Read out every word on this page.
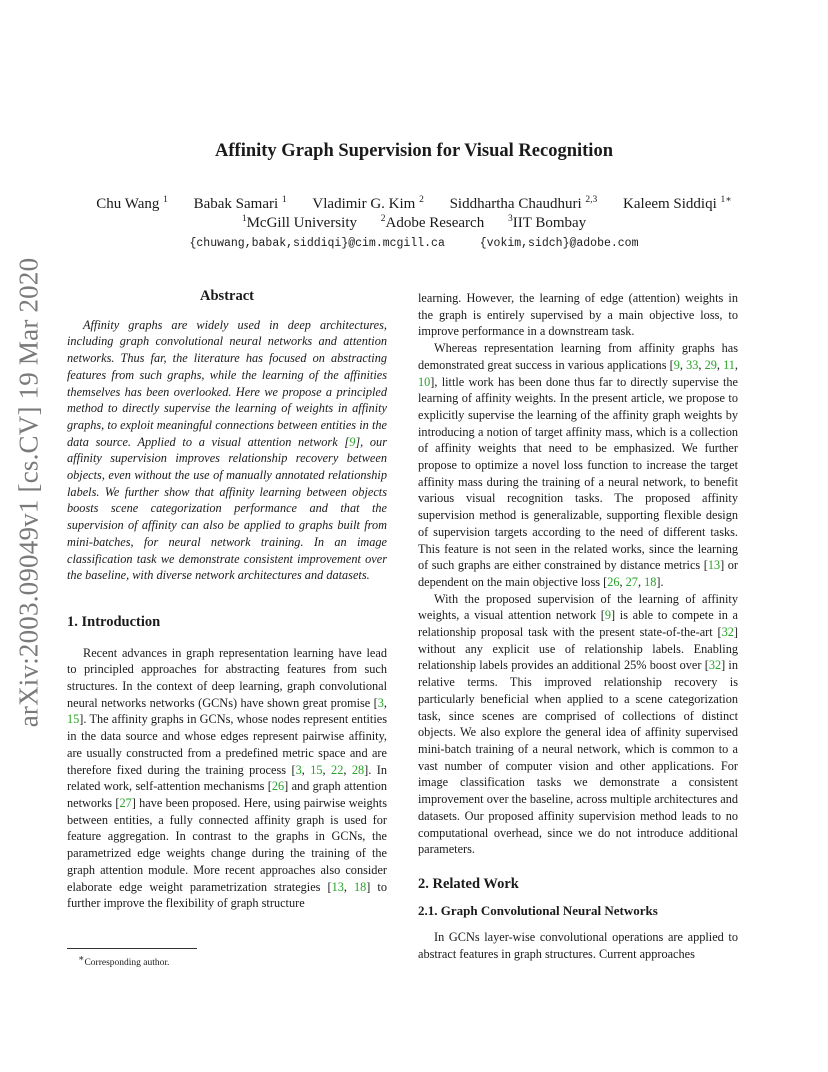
arXiv:2003.09049v1 [cs.CV] 19 Mar 2020
Affinity Graph Supervision for Visual Recognition
Chu Wang $^1$ Babak Samari $^1$ Vladimir G. Kim $^2$ Siddhartha Chaudhuri $^{2,3}$ Kaleem Siddiqi $^{1∗}$
$^1$McGill University	$^2$Adobe Research	$^3$IIT Bombay
{chuwang,babak,siddiqi}@cim.mcgill.ca	{vokim,sidch}@adobe.com
Abstract

Affinity graphs are widely used in deep architectures, including graph convolutional neural networks and attention networks. Thus far, the literature has focused on abstracting features from such graphs, while the learning of the affinities themselves has been overlooked. Here we propose a principled method to directly supervise the learning of weights in affinity graphs, to exploit meaningful connections between entities in the data source. Applied to a visual attention network [9], our affinity supervision improves relationship recovery between objects, even without the use of manually annotated relationship labels. We further show that affinity learning between objects boosts scene categorization performance and that the supervision of affinity can also be applied to graphs built from mini-batches, for neural network training. In an image classification task we demonstrate consistent improvement over the baseline, with diverse network architectures and datasets.

1. Introduction

Recent advances in graph representation learning have lead to principled approaches for abstracting features from such structures. In the context of deep learning, graph convolutional neural networks networks (GCNs) have shown great promise [3, 15]. The affinity graphs in GCNs, whose nodes represent entities in the data source and whose edges represent pairwise affinity, are usually constructed from a predefined metric space and are therefore fixed during the training process [3, 15, 22, 28]. In related work, self-attention mechanisms [26] and graph attention networks [27] have been proposed. Here, using pairwise weights between entities, a fully connected affinity graph is used for feature aggregation. In contrast to the graphs in GCNs, the parametrized edge weights change during the training of the graph attention module. More recent approaches also consider elaborate edge weight parametrization strategies [13, 18] to further improve the flexibility of graph structure

learning. However, the learning of edge (attention) weights in the graph is entirely supervised by a main objective loss, to improve performance in a downstream task.

Whereas representation learning from affinity graphs has demonstrated great success in various applications [9, 33, 29, 11, 10], little work has been done thus far to directly supervise the learning of affinity weights. In the present article, we propose to explicitly supervise the learning of the affinity graph weights by introducing a notion of target affinity mass, which is a collection of affinity weights that need to be emphasized. We further propose to optimize a novel loss function to increase the target affinity mass during the training of a neural network, to benefit various visual recognition tasks. The proposed affinity supervision method is generalizable, supporting flexible design of supervision targets according to the need of different tasks. This feature is not seen in the related works, since the learning of such graphs are either constrained by distance metrics [13] or dependent on the main objective loss [26, 27, 18].

With the proposed supervision of the learning of affinity weights, a visual attention network [9] is able to compete in a relationship proposal task with the present state-of-the-art [32] without any explicit use of relationship labels. Enabling relationship labels provides an additional 25% boost over [32] in relative terms. This improved relationship recovery is particularly beneficial when applied to a scene categorization task, since scenes are comprised of collections of distinct objects. We also explore the general idea of affinity supervised mini-batch training of a neural network, which is common to a vast number of computer vision and other applications. For image classification tasks we demonstrate a consistent improvement over the baseline, across multiple architectures and datasets. Our proposed affinity supervision method leads to no computational overhead, since we do not introduce additional parameters.

2. Related Work
2.1. Graph Convolutional Neural Networks

In GCNs layer-wise convolutional operations are applied to abstract features in graph structures. Current approaches

∗Corresponding author.
